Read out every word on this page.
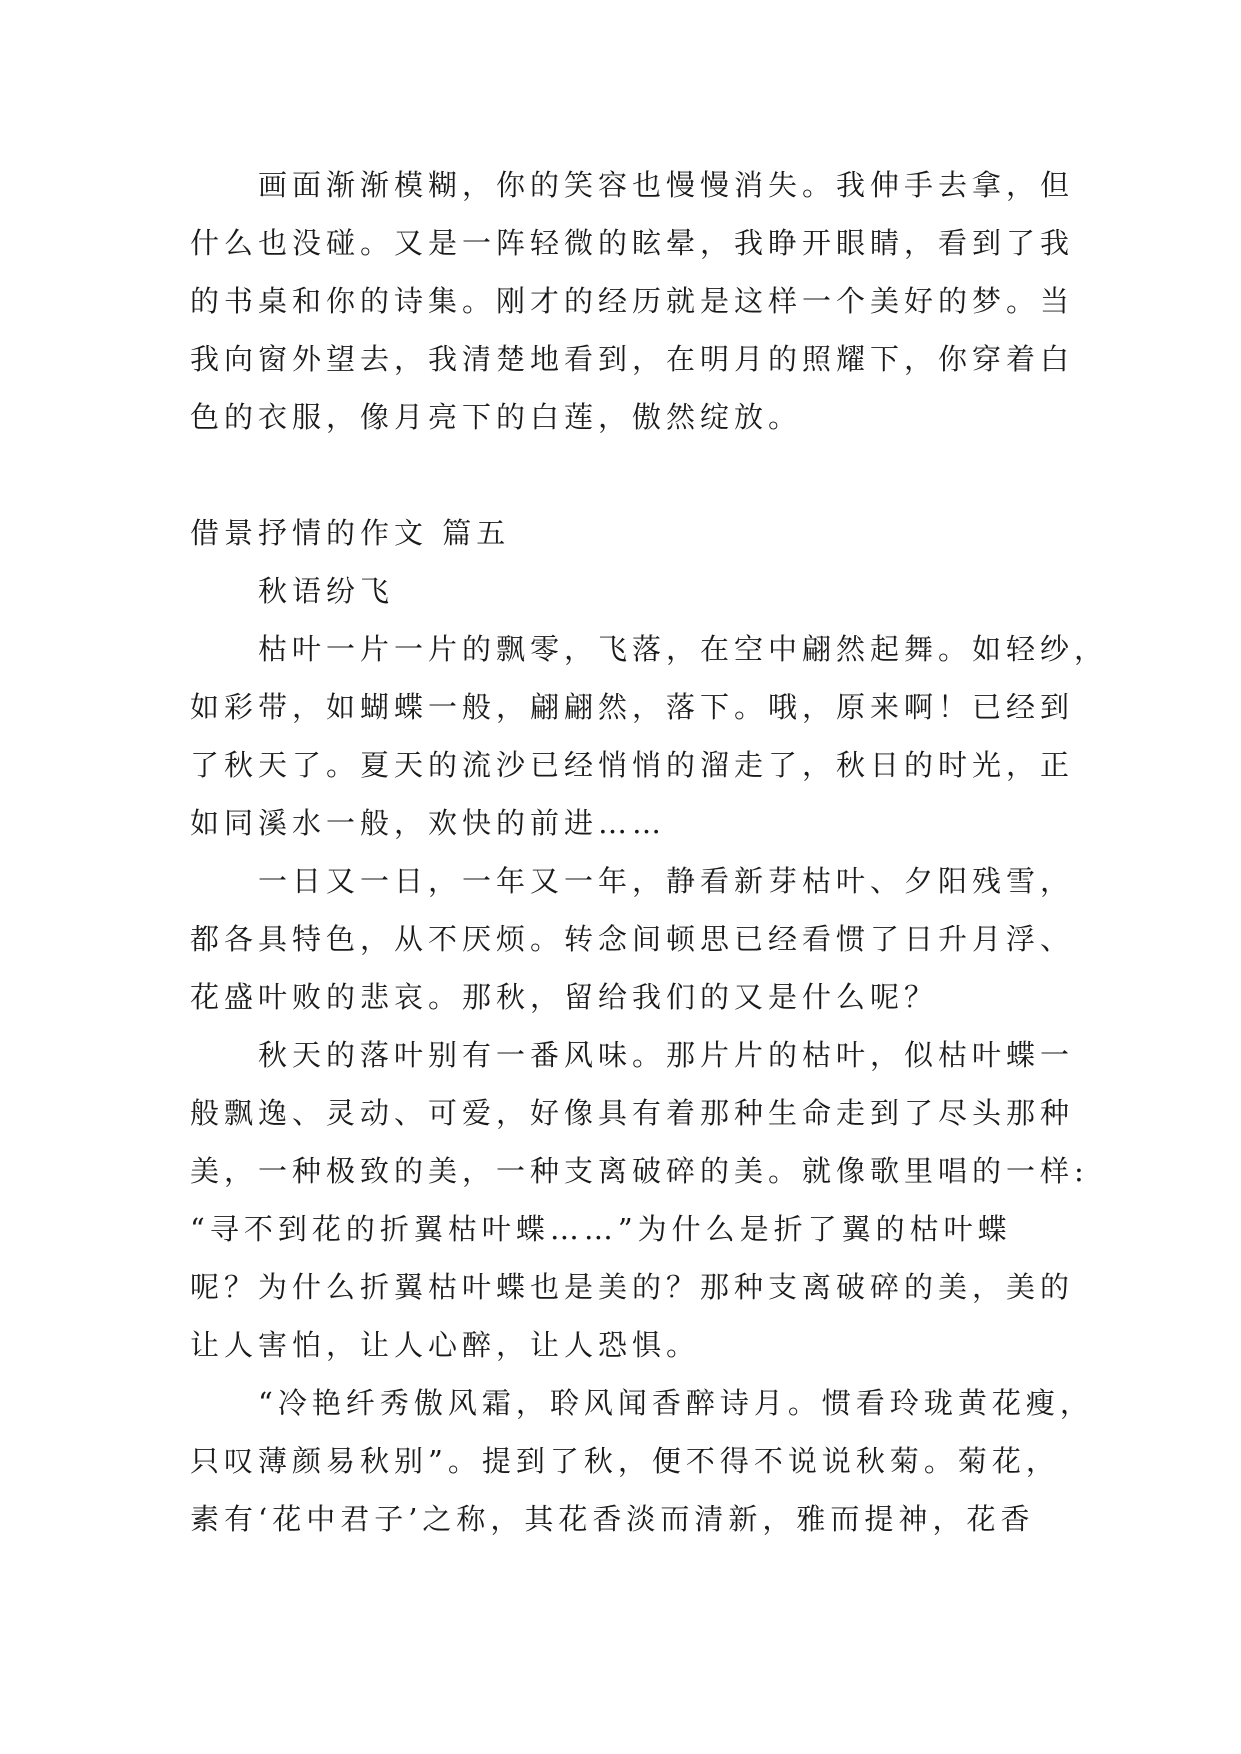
　　画面渐渐模糊，你的笑容也慢慢消失。我伸手去拿，但
什么也没碰。又是一阵轻微的眩晕，我睁开眼睛，看到了我
的书桌和你的诗集。刚才的经历就是这样一个美好的梦。当
我向窗外望去，我清楚地看到，在明月的照耀下，你穿着白
色的衣服，像月亮下的白莲，傲然绽放。
借景抒情的作文 篇五
　　秋语纷飞
　　枯叶一片一片的飘零，飞落，在空中翩然起舞。如轻纱，
如彩带，如蝴蝶一般，翩翩然，落下。哦，原来啊！已经到
了秋天了。夏天的流沙已经悄悄的溜走了，秋日的时光，正
如同溪水一般，欢快的前进……
　　一日又一日，一年又一年，静看新芽枯叶、夕阳残雪，
都各具特色，从不厌烦。转念间顿思已经看惯了日升月浮、
花盛叶败的悲哀。那秋，留给我们的又是什么呢？
　　秋天的落叶别有一番风味。那片片的枯叶，似枯叶蝶一
般飘逸、灵动、可爱，好像具有着那种生命走到了尽头那种
美，一种极致的美，一种支离破碎的美。就像歌里唱的一样:
“寻不到花的折翼枯叶蝶……”为什么是折了翼的枯叶蝶
呢？为什么折翼枯叶蝶也是美的？那种支离破碎的美，美的
让人害怕，让人心醉，让人恐惧。
　　“冷艳纤秀傲风霜，聆风闻香醉诗月。惯看玲珑黄花瘦，
只叹薄颜易秋别”。提到了秋，便不得不说说秋菊。菊花，
素有‘花中君子’之称，其花香淡而清新，雅而提神，花香
